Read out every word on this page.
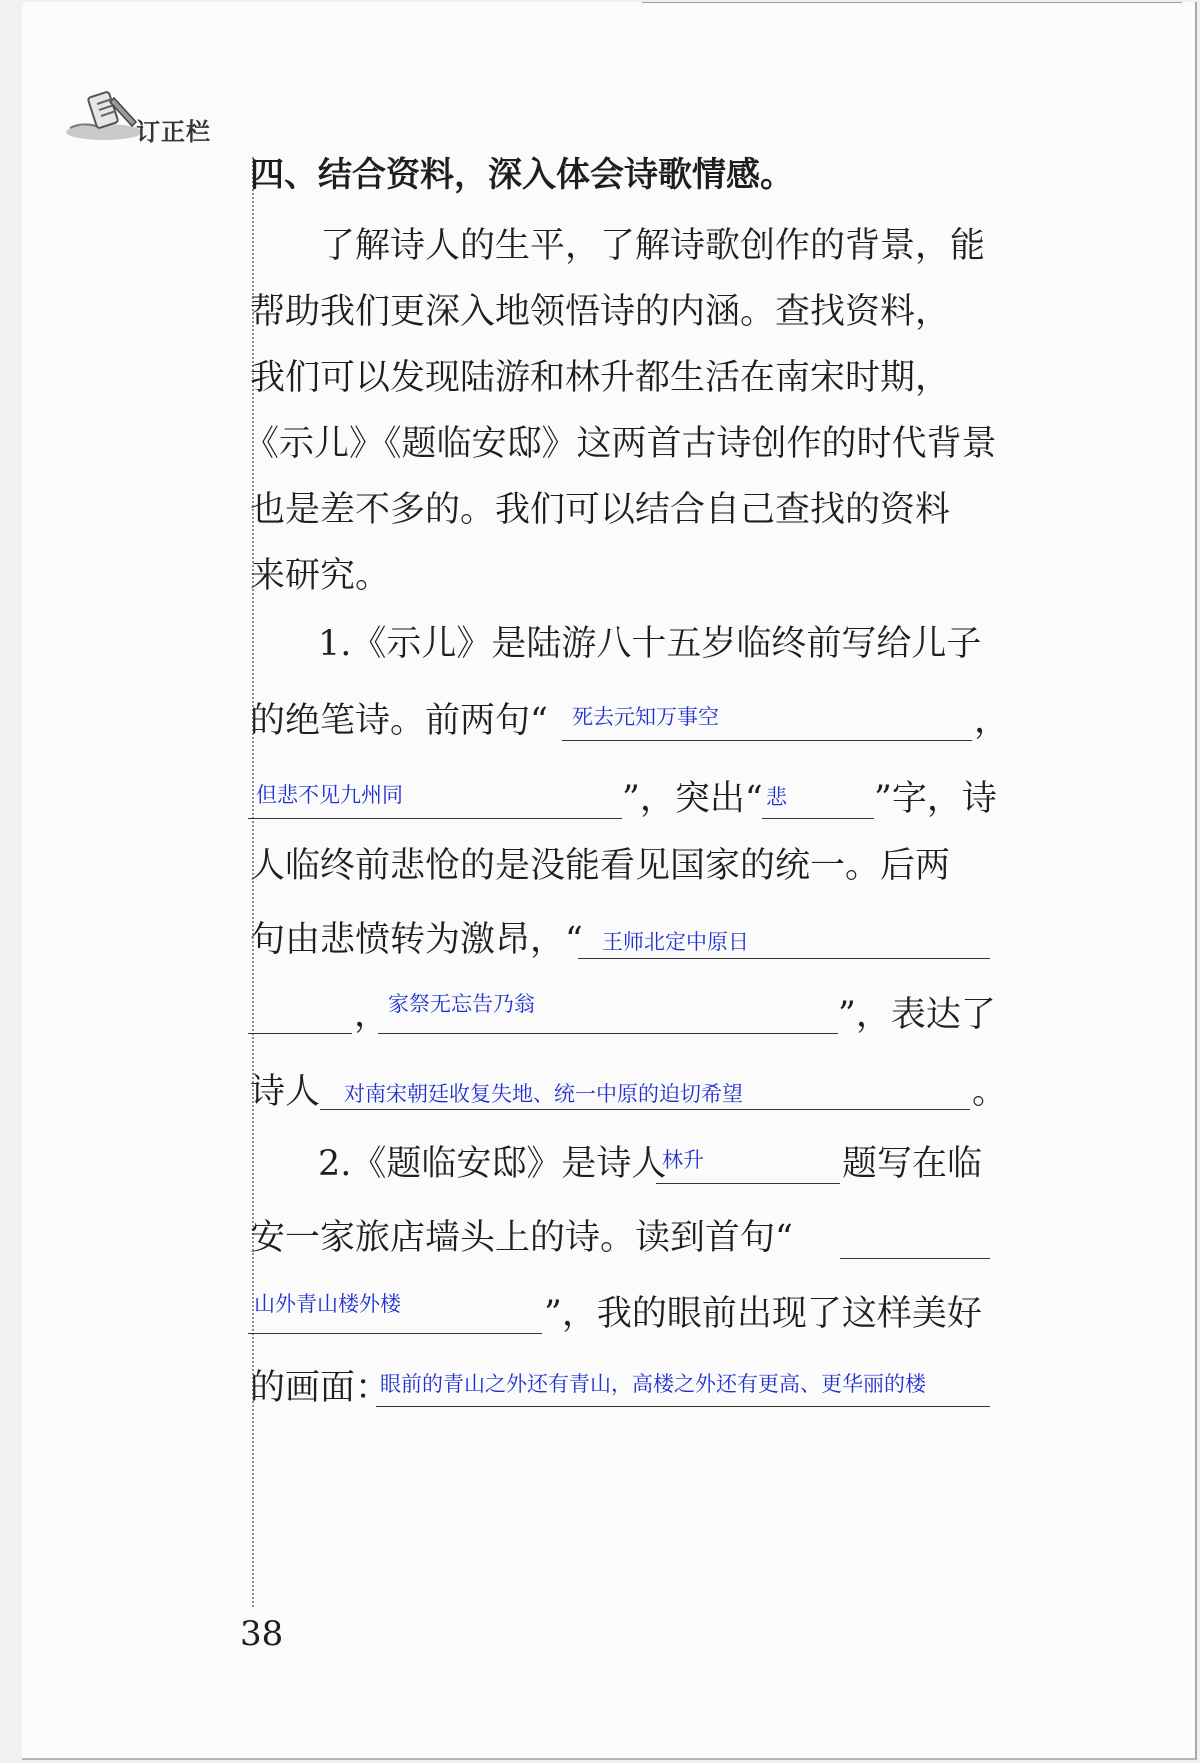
订正栏
四、结合资料，深入体会诗歌情感。
　　了解诗人的生平，了解诗歌创作的背景，能
帮助我们更深入地领悟诗的内涵。查找资料，
我们可以发现陆游和林升都生活在南宋时期，
《示儿》《题临安邸》这两首古诗创作的时代背景
也是差不多的。我们可以结合自己查找的资料
来研究。
1.《示儿》是陆游八十五岁临终前写给儿子
的绝笔诗。前两句“ 死去元知万事空	，
但悲不见九州同	”，突出“ 悲 ”字，诗
人临终前悲怆的是没能看见国家的统一。后两
句由悲愤转为激昂，“ 王师北定中原日
，
家祭无忘告乃翁	”，表达了
诗人 对南宋朝廷收复失地、统一中原的迫切希望	。
2.《题临安邸》是诗人
林升	题写在临
安一家旅店墙头上的诗。读到首句“
山外青山楼外楼	”，我的眼前出现了这样美好
的画面：
眼前的青山之外还有青山，高楼之外还有更高、更华丽的楼
38
